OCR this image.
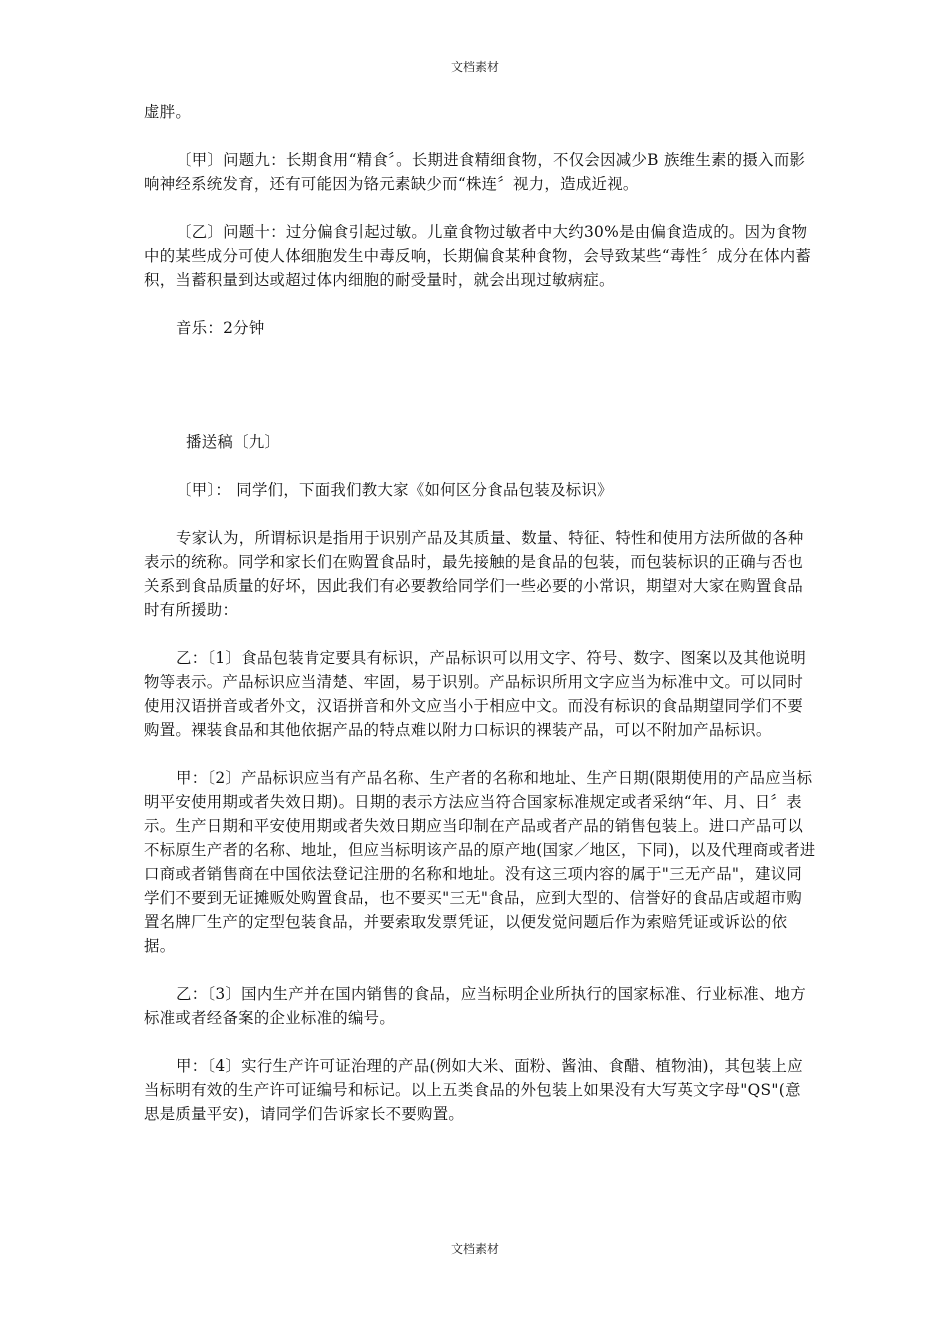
文档素材

虚胖。

〔甲〕问题九：长期食用“精食〞。长期进食精细食物，不仅会因减少B 族维生素的摄入而影响神经系统发育，还有可能因为铬元素缺少而“株连〞视力，造成近视。

〔乙〕问题十：过分偏食引起过敏。儿童食物过敏者中大约30%是由偏食造成的。因为食物中的某些成分可使人体细胞发生中毒反响，长期偏食某种食物，会导致某些“毒性〞成分在体内蓄积，当蓄积量到达或超过体内细胞的耐受量时，就会出现过敏病症。

音乐：2分钟

播送稿〔九〕

〔甲〕： 同学们，下面我们教大家《如何区分食品包装及标识》

专家认为，所谓标识是指用于识别产品及其质量、数量、特征、特性和使用方法所做的各种表示的统称。同学和家长们在购置食品时，最先接触的是食品的包装，而包装标识的正确与否也关系到食品质量的好坏，因此我们有必要教给同学们一些必要的小常识，期望对大家在购置食品时有所援助：

乙：〔1〕食品包装肯定要具有标识，产品标识可以用文字、符号、数字、图案以及其他说明物等表示。产品标识应当清楚、牢固，易于识别。产品标识所用文字应当为标准中文。可以同时使用汉语拼音或者外文，汉语拼音和外文应当小于相应中文。而没有标识的食品期望同学们不要购置。裸装食品和其他依据产品的特点难以附力口标识的裸装产品，可以不附加产品标识。

甲：〔2〕产品标识应当有产品名称、生产者的名称和地址、生产日期(限期使用的产品应当标明平安使用期或者失效日期)。日期的表示方法应当符合国家标准规定或者采纳“年、月、日〞表示。生产日期和平安使用期或者失效日期应当印制在产品或者产品的销售包装上。进口产品可以不标原生产者的名称、地址，但应当标明该产品的原产地(国家／地区，下同)，以及代理商或者进口商或者销售商在中国依法登记注册的名称和地址。没有这三项内容的属于"三无产品"，建议同学们不要到无证摊贩处购置食品，也不要买"三无"食品，应到大型的、信誉好的食品店或超市购置名牌厂生产的定型包装食品，并要索取发票凭证，以便发觉问题后作为索赔凭证或诉讼的依据。

乙：〔3〕国内生产并在国内销售的食品，应当标明企业所执行的国家标准、行业标准、地方标准或者经备案的企业标准的编号。

甲：〔4〕实行生产许可证治理的产品(例如大米、面粉、酱油、食醋、植物油)，其包装上应当标明有效的生产许可证编号和标记。以上五类食品的外包装上如果没有大写英文字母"QS"(意思是质量平安)，请同学们告诉家长不要购置。

文档素材
